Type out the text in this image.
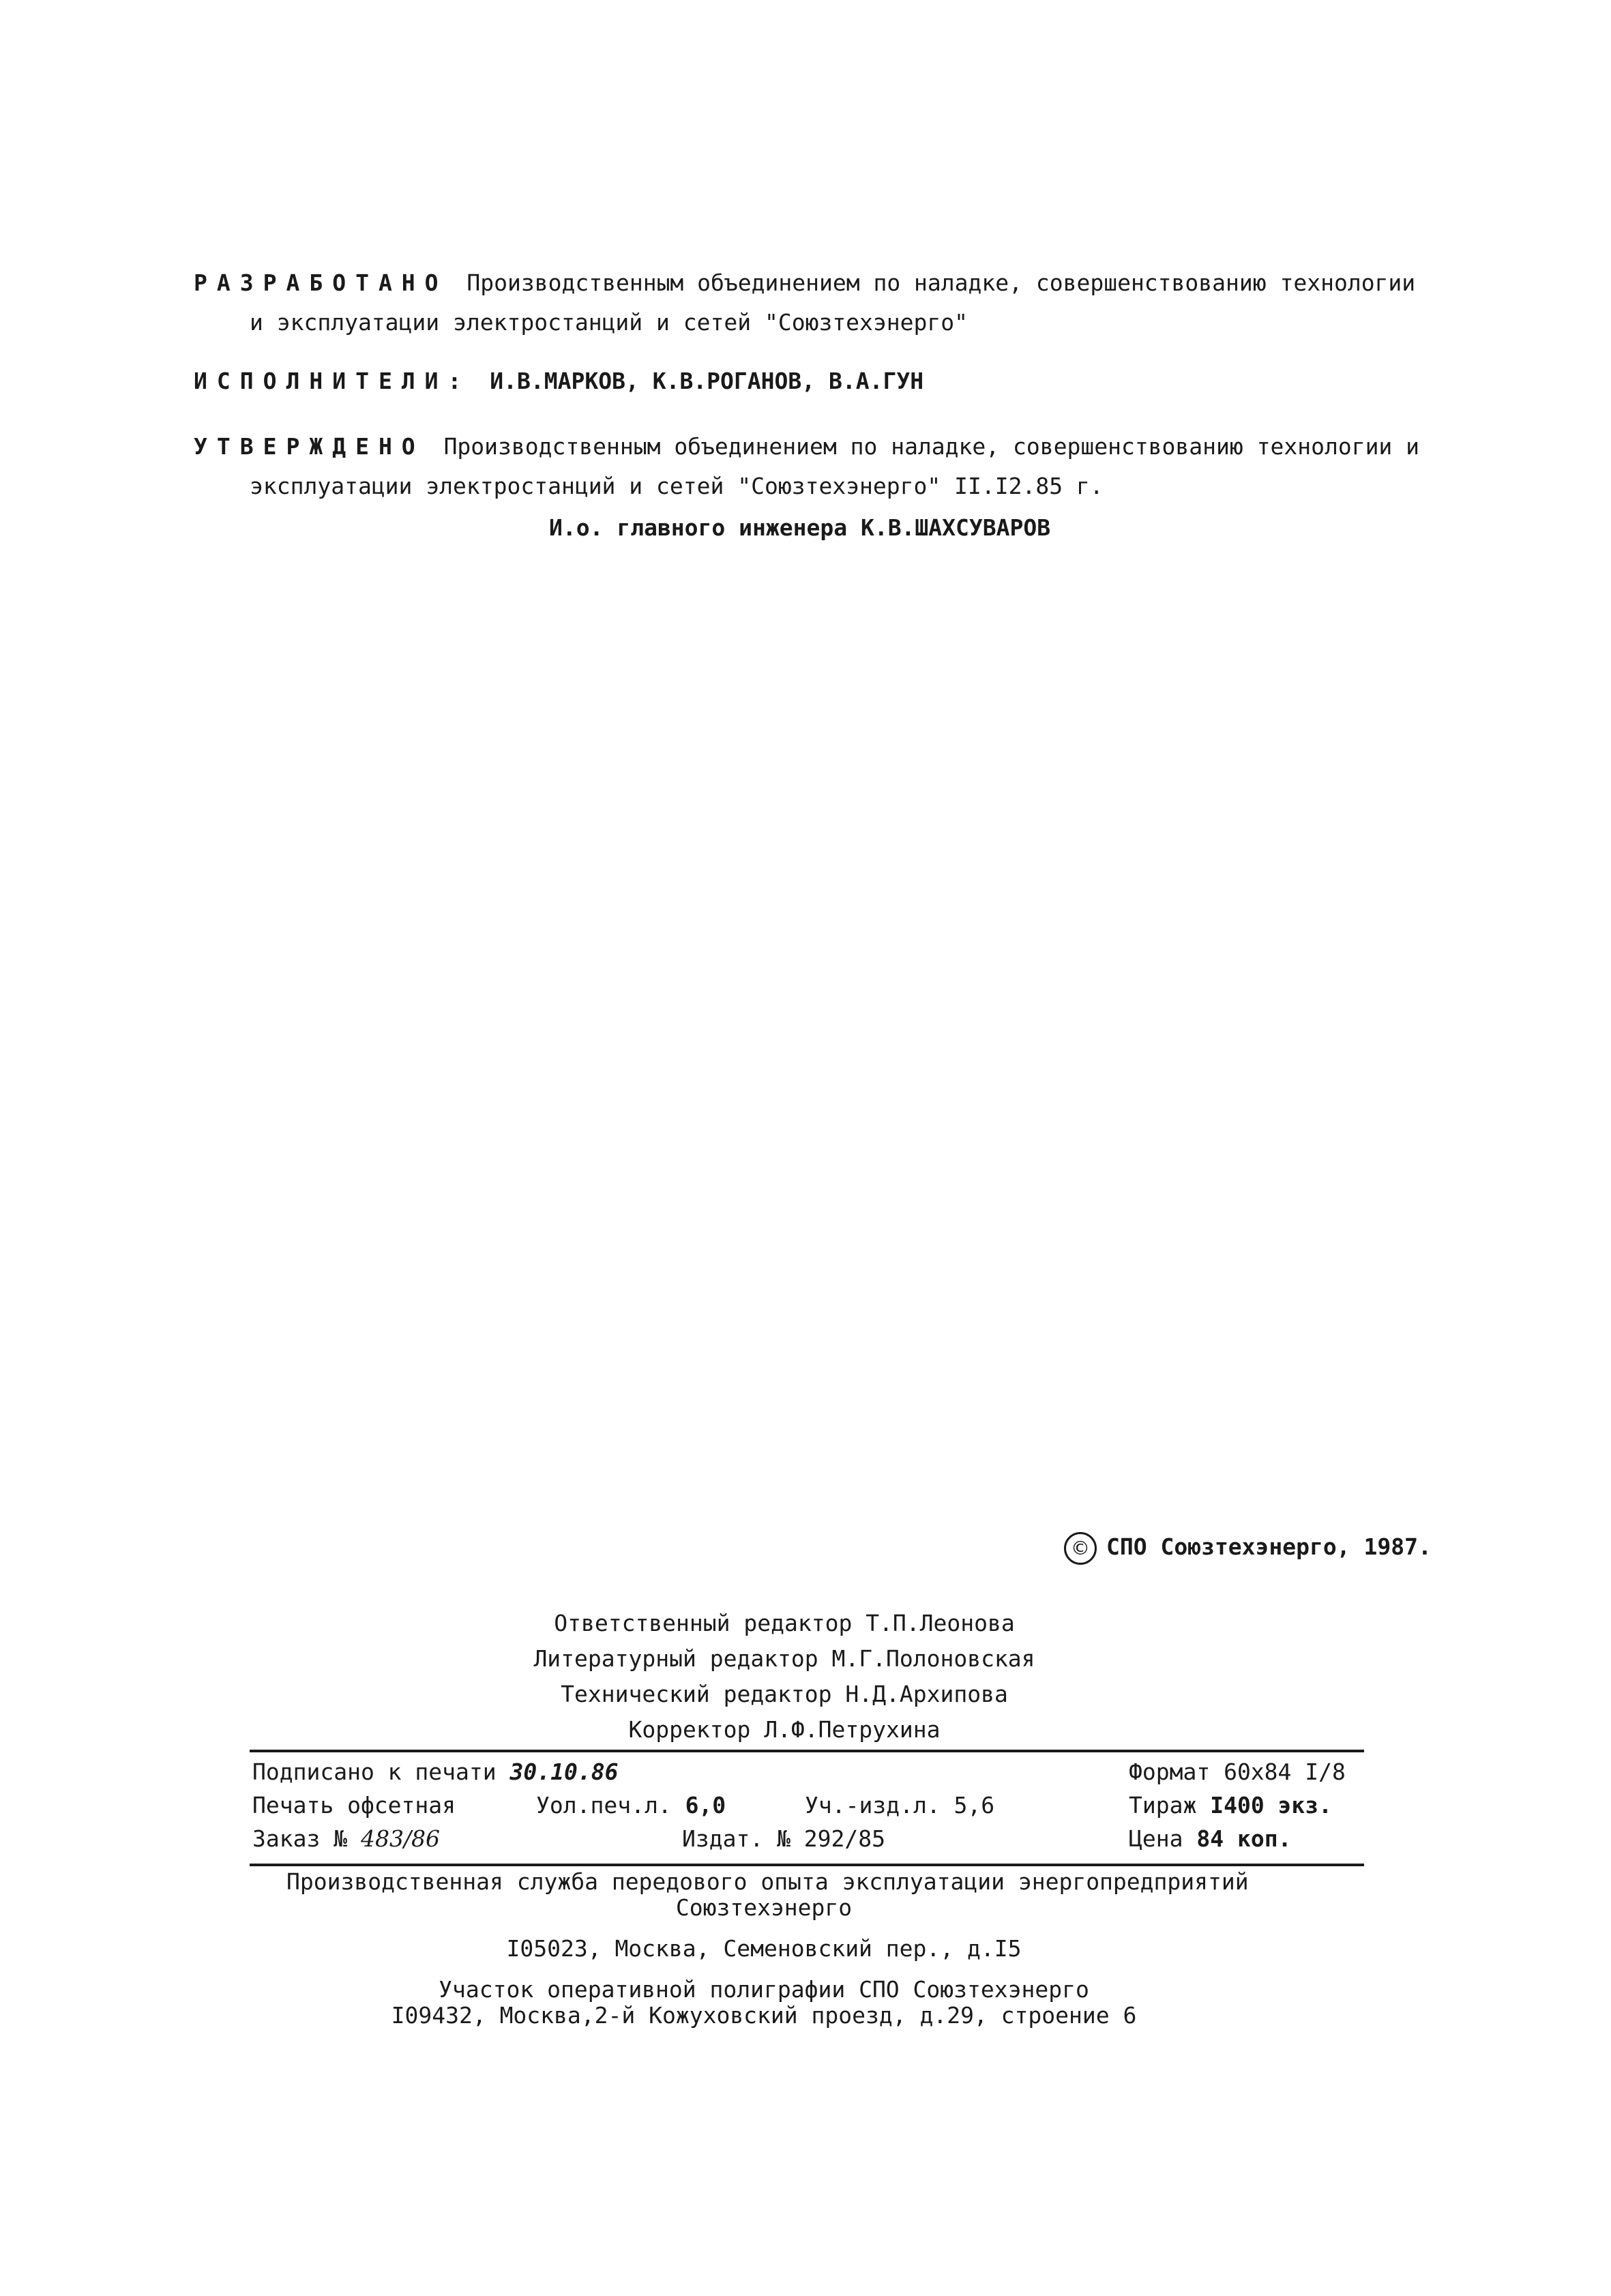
РАЗРАБОТАНО Производственным объединением по наладке, совершенствованию технологии
и эксплуатации электростанций и сетей "Союзтехэнерго"
ИСПОЛНИТЕЛИ: И.В.МАРКОВ, К.В.РОГАНОВ, В.А.ГУН
УТВЕРЖДЕНО Производственным объединением по наладке, совершенствованию технологии и
эксплуатации электростанций и сетей "Союзтехэнерго" II.I2.85 г.
И.о. главного инженера К.В.ШАХСУВАРОВ
© СПО Союзтехэнерго, 1987.
Ответственный редактор Т.П.Леонова
Литературный редактор М.Г.Полоновская
Технический редактор Н.Д.Архипова
Корректор Л.Ф.Петрухина
Подписано к печати 30.10.86	Формат 60х84 I/8
Печать офсетная	Уол.печ.л. 6,0	Уч.-изд.л. 5,6	Тираж I400 экз.
Заказ № 483/86	Издат. № 292/85	Цена 84 коп.
Производственная служба передового опыта эксплуатации энергопредприятий
Союзтехэнерго
I05023, Москва, Семеновский пер., д.I5
Участок оперативной полиграфии СПО Союзтехэнерго
I09432, Москва,2-й Кожуховский проезд, д.29, строение 6
